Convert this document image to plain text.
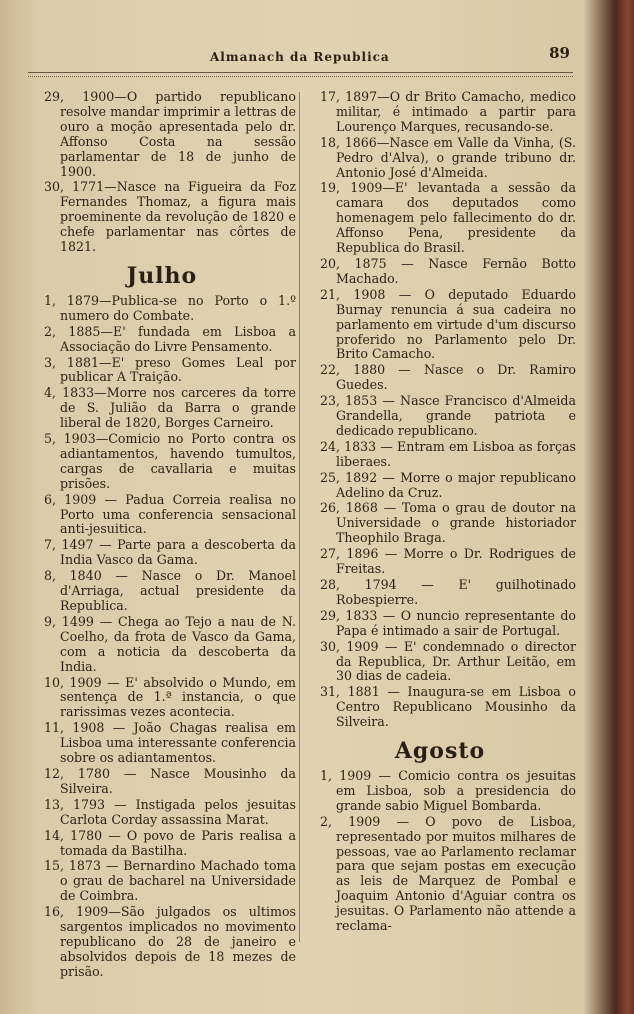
Almanach da Republica	89

29, 1900—O partido republicano resolve mandar imprimir a lettras de ouro a moção apresentada pelo dr. Affonso Costa na sessão parlamentar de 18 de junho de 1900.

30, 1771—Nasce na Figueira da Foz Fernandes Thomaz, a figura mais proeminente da revolução de 1820 e chefe parlamentar nas côrtes de 1821.

Julho

1, 1879—Publica-se no Porto o 1.º numero do Combate.

2, 1885—E' fundada em Lisboa a Associação do Livre Pensamento.

3, 1881—E' preso Gomes Leal por publicar A Traição.

4, 1833—Morre nos carceres da torre de S. Julião da Barra o grande liberal de 1820, Borges Carneiro.

5, 1903—Comicio no Porto contra os adiantamentos, havendo tumultos, cargas de cavallaria e muitas prisões.

6, 1909 — Padua Correia realisa no Porto uma conferencia sensacional anti-jesuitica.

7, 1497 — Parte para a descoberta da India Vasco da Gama.

8, 1840 — Nasce o Dr. Manoel d'Arriaga, actual presidente da Republica.

9, 1499 — Chega ao Tejo a nau de N. Coelho, da frota de Vasco da Gama, com a noticia da descoberta da India.

10, 1909 — E' absolvido o Mundo, em sentença de 1.ª instancia, o que rarissimas vezes acontecia.

11, 1908 — João Chagas realisa em Lisboa uma interessante conferencia sobre os adiantamentos.

12, 1780 — Nasce Mousinho da Silveira.

13, 1793 — Instigada pelos jesuitas Carlota Corday assassina Marat.

14, 1780 — O povo de Paris realisa a tomada da Bastilha.

15, 1873 — Bernardino Machado toma o grau de bacharel na Universidade de Coimbra.

16, 1909—São julgados os ultimos sargentos implicados no movimento republicano do 28 de janeiro e absolvidos depois de 18 mezes de prisão.

17, 1897—O dr Brito Camacho, medico militar, é intimado a partir para Lourenço Marques, recusando-se.

18, 1866—Nasce em Valle da Vinha, (S. Pedro d'Alva), o grande tribuno dr. Antonio José d'Almeida.

19, 1909—E' levantada a sessão da camara dos deputados como homenagem pelo fallecimento do dr. Affonso Pena, presidente da Republica do Brasil.

20, 1875 — Nasce Fernão Botto Machado.

21, 1908 — O deputado Eduardo Burnay renuncia á sua cadeira no parlamento em virtude d'um discurso proferido no Parlamento pelo Dr. Brito Camacho.

22, 1880 — Nasce o Dr. Ramiro Guedes.

23, 1853 — Nasce Francisco d'Almeida Grandella, grande patriota e dedicado republicano.

24, 1833 — Entram em Lisboa as forças liberaes.

25, 1892 — Morre o major republicano Adelino da Cruz.

26, 1868 — Toma o grau de doutor na Universidade o grande historiador Theophilo Braga.

27, 1896 — Morre o Dr. Rodrigues de Freitas.

28, 1794 — E' guilhotinado Robespierre.

29, 1833 — O nuncio representante do Papa é intimado a sair de Portugal.

30, 1909 — E' condemnado o director da Republica, Dr. Arthur Leitão, em 30 dias de cadeia.

31, 1881 — Inaugura-se em Lisboa o Centro Republicano Mousinho da Silveira.

Agosto

1, 1909 — Comicio contra os jesuitas em Lisboa, sob a presidencia do grande sabio Miguel Bombarda.

2, 1909 — O povo de Lisboa, representado por muitos milhares de pessoas, vae ao Parlamento reclamar para que sejam postas em execução as leis de Marquez de Pombal e Joaquim Antonio d'Aguiar contra os jesuitas. O Parlamento não attende a reclama-
